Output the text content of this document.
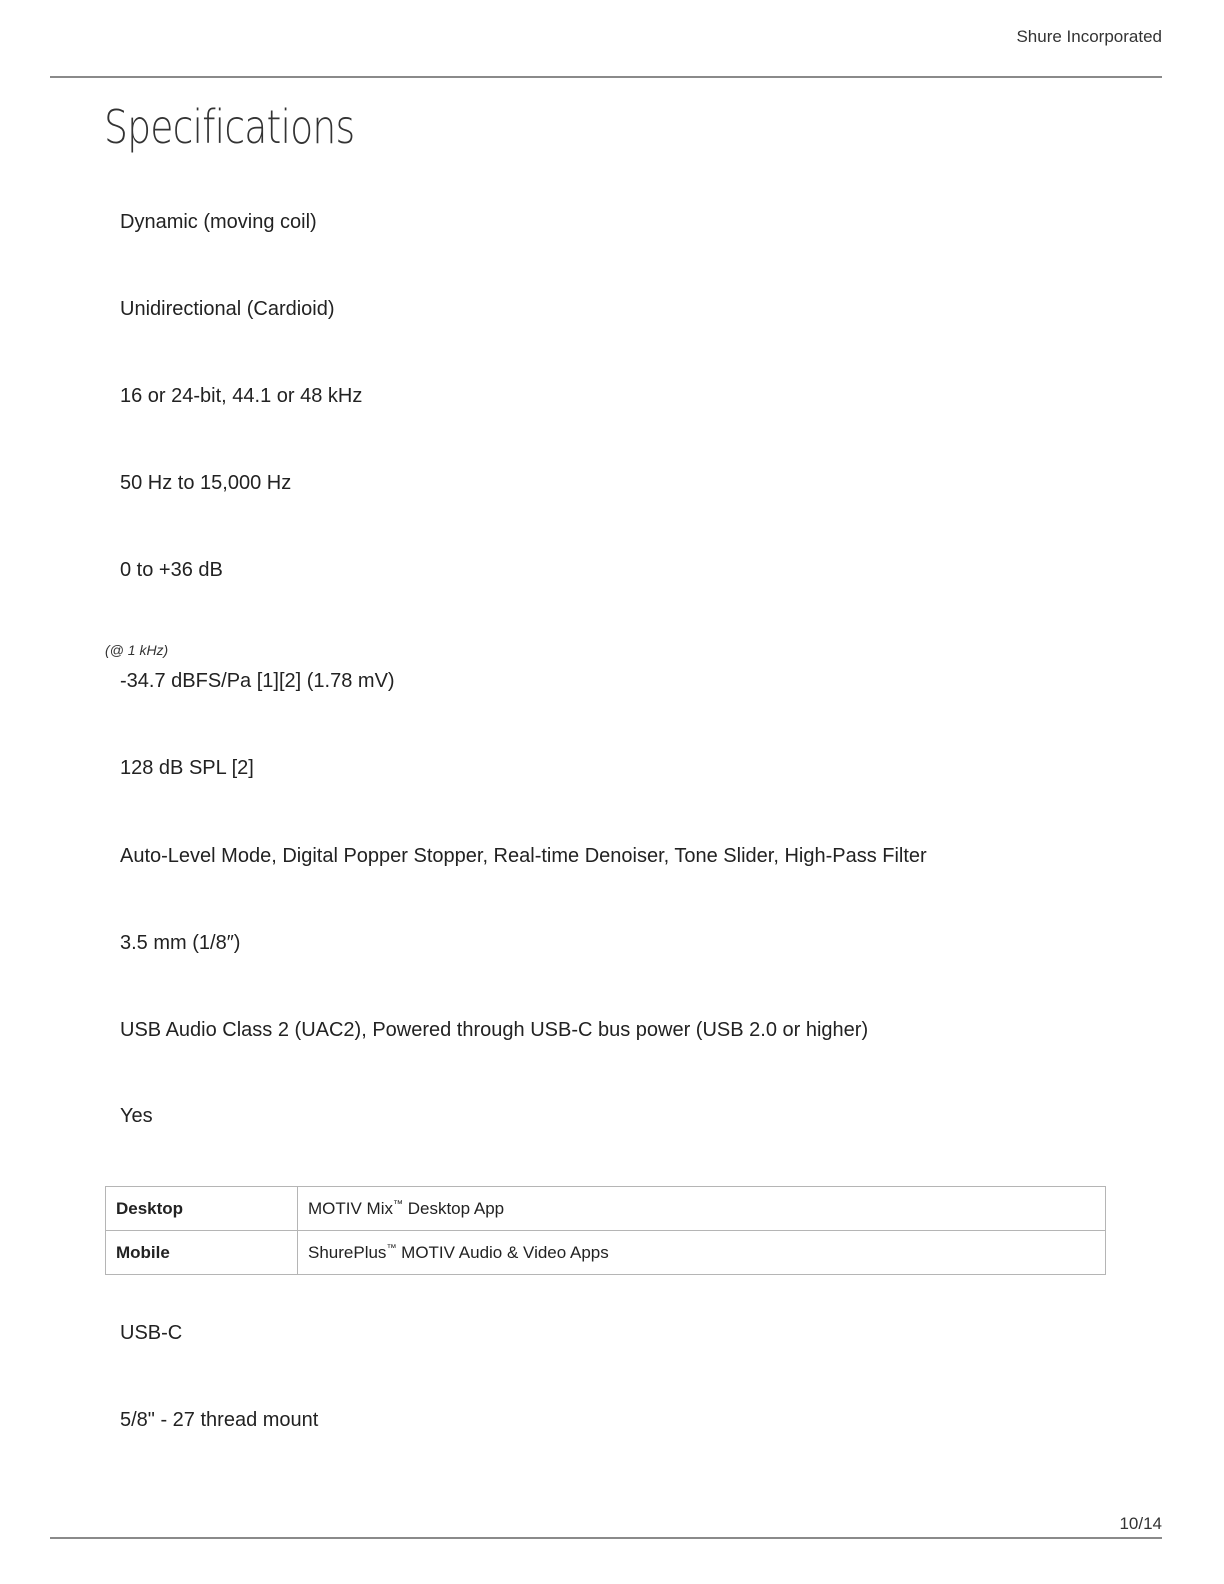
Shure Incorporated
Specifications
Dynamic (moving coil)
Unidirectional (Cardioid)
16 or 24-bit, 44.1 or 48 kHz
50 Hz to 15,000 Hz
0 to +36 dB
(@ 1 kHz)
-34.7 dBFS/Pa [1][2] (1.78 mV)
128 dB SPL [2]
Auto-Level Mode, Digital Popper Stopper, Real-time Denoiser, Tone Slider, High-Pass Filter
3.5 mm (1/8″)
USB Audio Class 2 (UAC2), Powered through USB-C bus power (USB 2.0 or higher)
Yes
Desktop	MOTIV Mix™ Desktop App
Mobile	ShurePlus™ MOTIV Audio & Video Apps
USB-C
5/8" - 27 thread mount
10/14
